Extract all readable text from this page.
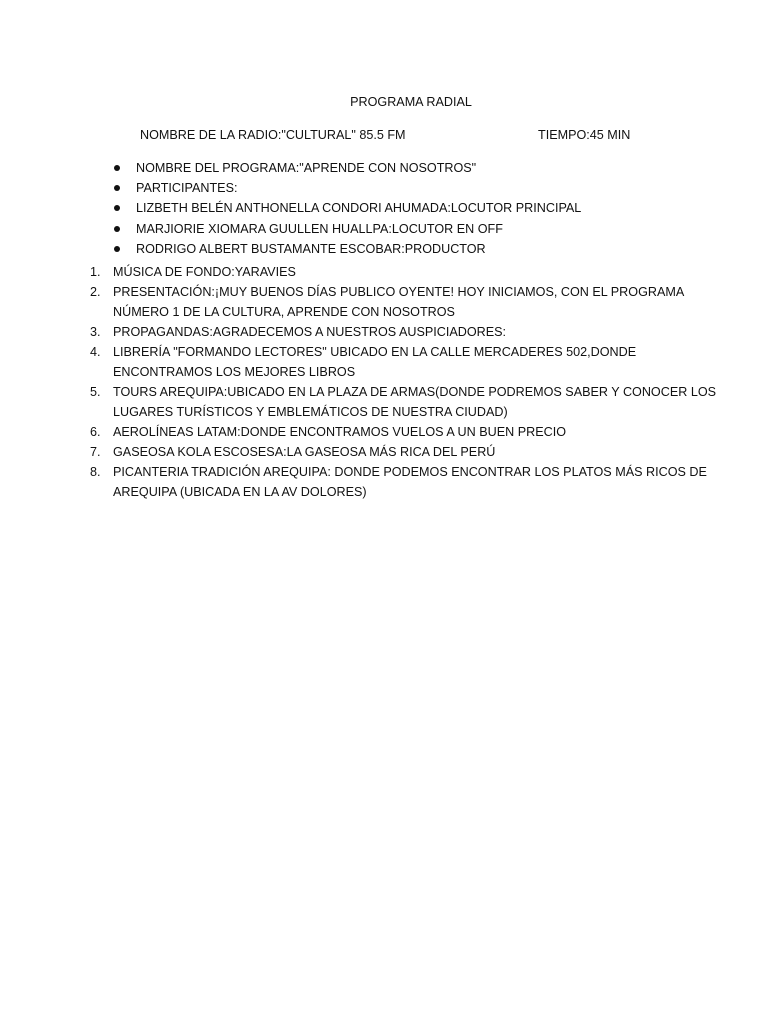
PROGRAMA RADIAL
NOMBRE DE LA RADIO:"CULTURAL" 85.5 FM	TIEMPO:45 MIN
NOMBRE DEL PROGRAMA:"APRENDE CON NOSOTROS"
PARTICIPANTES:
LIZBETH BELÉN ANTHONELLA CONDORI AHUMADA:LOCUTOR PRINCIPAL
MARJIORIE XIOMARA GUULLEN HUALLPA:LOCUTOR EN OFF
RODRIGO ALBERT BUSTAMANTE ESCOBAR:PRODUCTOR
1. MÚSICA DE FONDO:YARAVIES
2. PRESENTACIÓN:¡MUY BUENOS DÍAS PUBLICO OYENTE! HOY INICIAMOS, CON EL PROGRAMA
NÚMERO 1 DE LA CULTURA, APRENDE CON NOSOTROS
3. PROPAGANDAS:AGRADECEMOS A NUESTROS AUSPICIADORES:
4. LIBRERÍA "FORMANDO LECTORES" UBICADO EN LA CALLE MERCADERES 502,DONDE
ENCONTRAMOS LOS MEJORES LIBROS
5. TOURS AREQUIPA:UBICADO EN LA PLAZA DE ARMAS(DONDE PODREMOS SABER Y CONOCER LOS
LUGARES TURÍSTICOS Y EMBLEMÁTICOS DE NUESTRA CIUDAD)
6. AEROLÍNEAS LATAM:DONDE ENCONTRAMOS VUELOS A UN BUEN PRECIO
7. GASEOSA KOLA ESCOSESA:LA GASEOSA MÁS RICA DEL PERÚ
8. PICANTERIA TRADICIÓN AREQUIPA: DONDE PODEMOS ENCONTRAR LOS PLATOS MÁS RICOS DE
AREQUIPA (UBICADA EN LA AV DOLORES)
